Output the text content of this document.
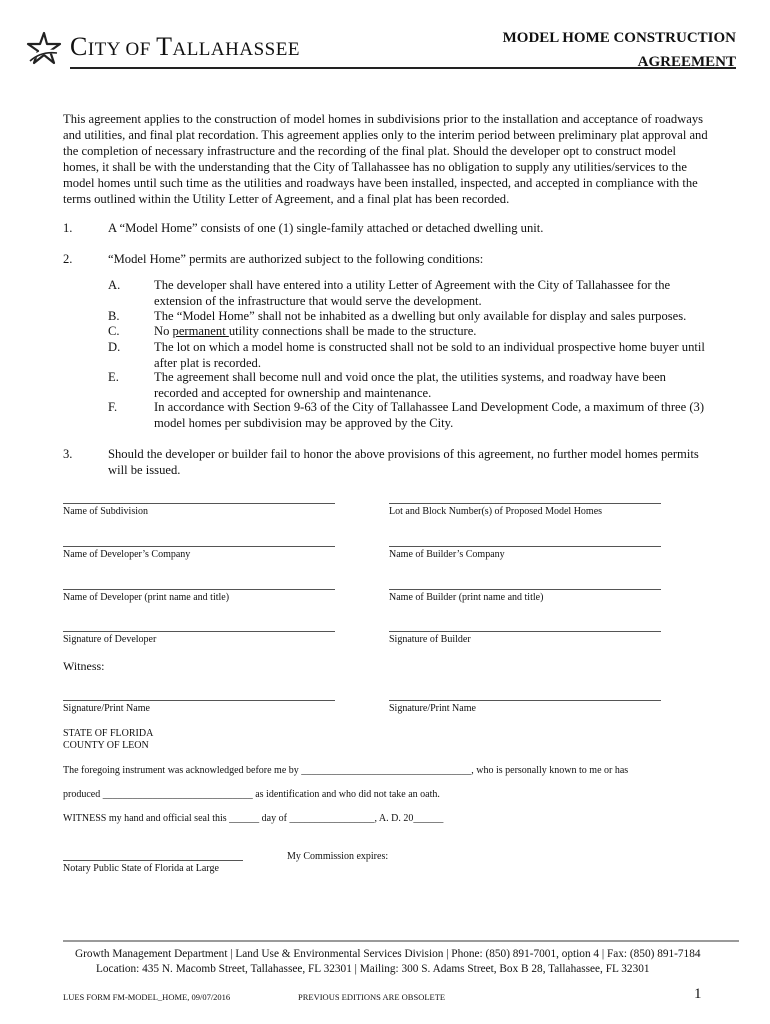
CITY OF TALLAHASSEE
MODEL HOME CONSTRUCTION
AGREEMENT
This agreement applies to the construction of model homes in subdivisions prior to the installation and acceptance of roadways and utilities, and final plat recordation. This agreement applies only to the interim period between preliminary plat approval and the completion of necessary infrastructure and the recording of the final plat. Should the developer opt to construct model homes, it shall be with the understanding that the City of Tallahassee has no obligation to supply any utilities/services to the model homes until such time as the utilities and roadways have been installed, inspected, and accepted in compliance with the terms outlined within the Utility Letter of Agreement, and a final plat has been recorded.
1.	A “Model Home” consists of one (1) single-family attached or detached dwelling unit.
2.	“Model Home” permits are authorized subject to the following conditions:
A.	The developer shall have entered into a utility Letter of Agreement with the City of Tallahassee for the extension of the infrastructure that would serve the development.
B.	The “Model Home” shall not be inhabited as a dwelling but only available for display and sales purposes.
C.	No permanent utility connections shall be made to the structure.
D.	The lot on which a model home is constructed shall not be sold to an individual prospective home buyer until after plat is recorded.
E.	The agreement shall become null and void once the plat, the utilities systems, and roadway have been recorded and accepted for ownership and maintenance.
F.	In accordance with Section 9-63 of the City of Tallahassee Land Development Code, a maximum of three (3) model homes per subdivision may be approved by the City.
3.	Should the developer or builder fail to honor the above provisions of this agreement, no further model homes permits will be issued.
Name of Subdivision	Lot and Block Number(s) of Proposed Model Homes
Name of Developer’s Company	Name of Builder’s Company
Name of Developer (print name and title)	Name of Builder (print name and title)
Signature of Developer	Signature of Builder
Witness:
Signature/Print Name	Signature/Print Name
STATE OF FLORIDA
COUNTY OF LEON
The foregoing instrument was acknowledged before me by __________________________________, who is personally known to me or has
produced ______________________________ as identification and who did not take an oath.
WITNESS my hand and official seal this ______ day of _________________, A. D. 20______
My Commission expires:
Notary Public State of Florida at Large
Growth Management Department | Land Use & Environmental Services Division | Phone: (850) 891-7001, option 4 | Fax: (850) 891-7184
Location: 435 N. Macomb Street, Tallahassee, FL 32301 | Mailing: 300 S. Adams Street, Box B 28, Tallahassee, FL 32301
LUES FORM FM-MODEL_HOME, 09/07/2016	PREVIOUS EDITIONS ARE OBSOLETE	1
